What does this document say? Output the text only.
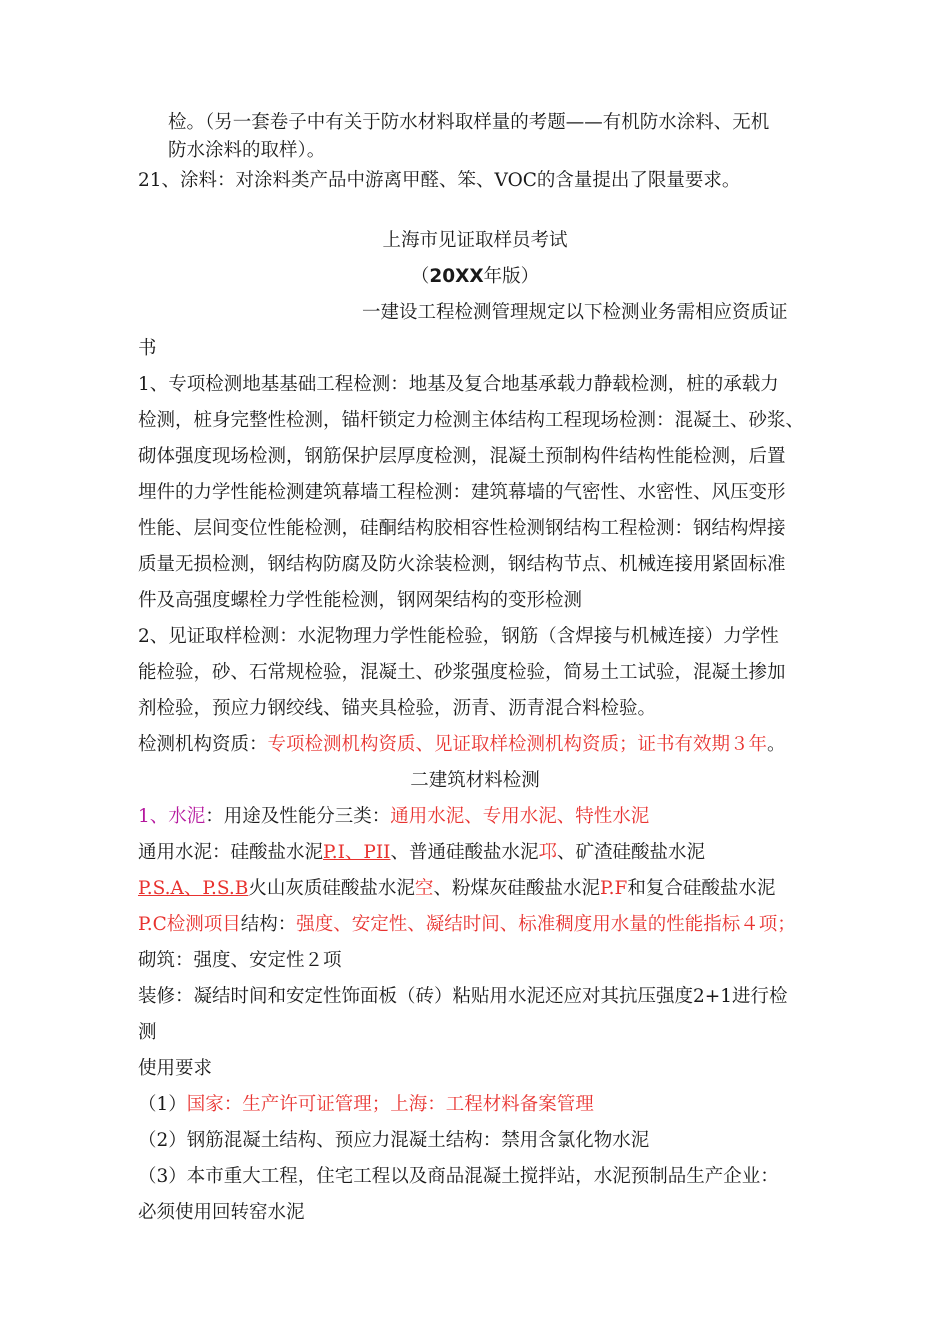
检。（另一套卷子中有关于防水材料取样量的考题——有机防水涂料、无机
防水涂料的取样）。
21、涂料：对涂料类产品中游离甲醛、笨、VOC的含量提出了限量要求。
上海市见证取样员考试
（20XX年版）
一建设工程检测管理规定以下检测业务需相应资质证
书
1、专项检测地基基础工程检测：地基及复合地基承载力静载检测，桩的承载力
检测，桩身完整性检测，锚杆锁定力检测主体结构工程现场检测：混凝土、砂浆、
砌体强度现场检测，钢筋保护层厚度检测，混凝土预制构件结构性能检测，后置
埋件的力学性能检测建筑幕墙工程检测：建筑幕墙的气密性、水密性、风压变形
性能、层间变位性能检测，硅酮结构胶相容性检测钢结构工程检测：钢结构焊接
质量无损检测，钢结构防腐及防火涂装检测，钢结构节点、机械连接用紧固标准
件及高强度螺栓力学性能检测，钢网架结构的变形检测
2、见证取样检测：水泥物理力学性能检验，钢筋（含焊接与机械连接）力学性
能检验，砂、石常规检验，混凝土、砂浆强度检验，简易土工试验，混凝土掺加
剂检验，预应力钢绞线、锚夹具检验，沥青、沥青混合料检验。
检测机构资质：专项检测机构资质、见证取样检测机构资质；证书有效期３年。
二建筑材料检测
1、水泥：用途及性能分三类：通用水泥、专用水泥、特性水泥
通用水泥：硅酸盐水泥P.I、PII、普通硅酸盐水泥邛、矿渣硅酸盐水泥
P.S.A、P.S.B火山灰质硅酸盐水泥空、粉煤灰硅酸盐水泥P.F和复合硅酸盐水泥
P.C检测项目结构：强度、安定性、凝结时间、标准稠度用水量的性能指标４项；
砌筑：强度、安定性２项
装修：凝结时间和安定性饰面板（砖）粘贴用水泥还应对其抗压强度2+1进行检
测
使用要求
（1）国家：生产许可证管理；上海：工程材料备案管理
（2）钢筋混凝土结构、预应力混凝土结构：禁用含氯化物水泥
（3）本市重大工程，住宅工程以及商品混凝土搅拌站，水泥预制品生产企业：
必须使用回转窑水泥
